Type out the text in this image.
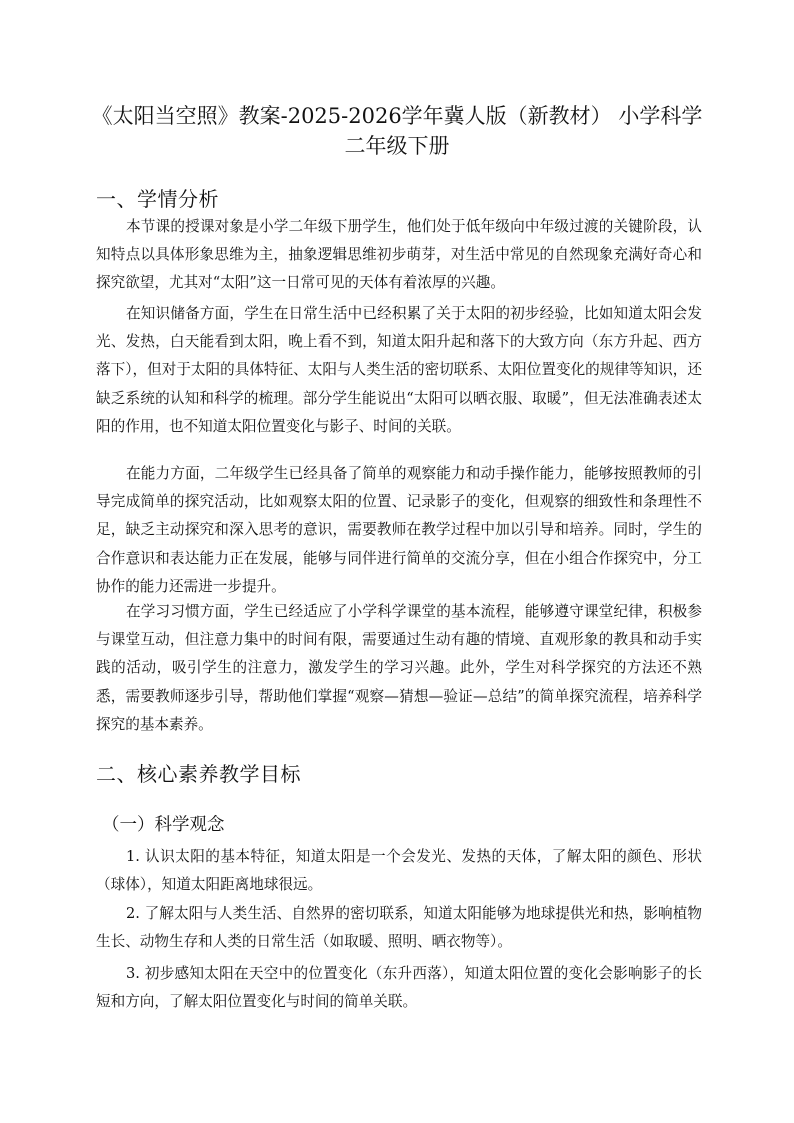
《太阳当空照》教案-2025-2026学年冀人版（新教材） 小学科学二年级下册
一、学情分析

本节课的授课对象是小学二年级下册学生，他们处于低年级向中年级过渡的关键阶段，认知特点以具体形象思维为主，抽象逻辑思维初步萌芽，对生活中常见的自然现象充满好奇心和探究欲望，尤其对“太阳”这一日常可见的天体有着浓厚的兴趣。

在知识储备方面，学生在日常生活中已经积累了关于太阳的初步经验，比如知道太阳会发光、发热，白天能看到太阳，晚上看不到，知道太阳升起和落下的大致方向（东方升起、西方落下），但对于太阳的具体特征、太阳与人类生活的密切联系、太阳位置变化的规律等知识，还缺乏系统的认知和科学的梳理。部分学生能说出“太阳可以晒衣服、取暖”，但无法准确表述太阳的作用，也不知道太阳位置变化与影子、时间的关联。

在能力方面，二年级学生已经具备了简单的观察能力和动手操作能力，能够按照教师的引导完成简单的探究活动，比如观察太阳的位置、记录影子的变化，但观察的细致性和条理性不足，缺乏主动探究和深入思考的意识，需要教师在教学过程中加以引导和培养。同时，学生的合作意识和表达能力正在发展，能够与同伴进行简单的交流分享，但在小组合作探究中，分工协作的能力还需进一步提升。

在学习习惯方面，学生已经适应了小学科学课堂的基本流程，能够遵守课堂纪律，积极参与课堂互动，但注意力集中的时间有限，需要通过生动有趣的情境、直观形象的教具和动手实践的活动，吸引学生的注意力，激发学生的学习兴趣。此外，学生对科学探究的方法还不熟悉，需要教师逐步引导，帮助他们掌握“观察—猜想—验证—总结”的简单探究流程，培养科学探究的基本素养。

二、核心素养教学目标
（一）科学观念

1. 认识太阳的基本特征，知道太阳是一个会发光、发热的天体，了解太阳的颜色、形状（球体），知道太阳距离地球很远。

2. 了解太阳与人类生活、自然界的密切联系，知道太阳能够为地球提供光和热，影响植物生长、动物生存和人类的日常生活（如取暖、照明、晒衣物等）。

3. 初步感知太阳在天空中的位置变化（东升西落），知道太阳位置的变化会影响影子的长短和方向，了解太阳位置变化与时间的简单关联。
